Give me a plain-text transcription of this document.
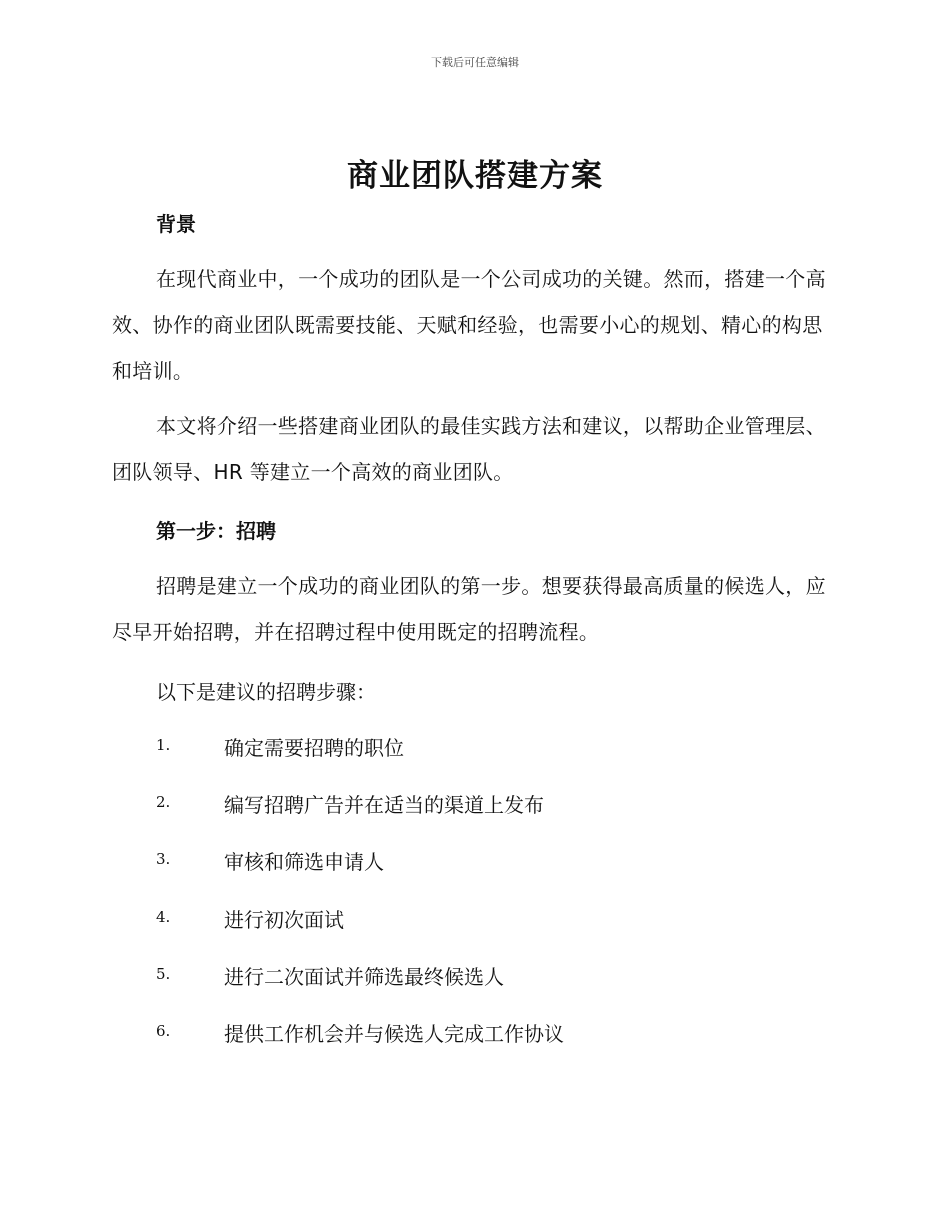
下载后可任意编辑
商业团队搭建方案
背景
在现代商业中，一个成功的团队是一个公司成功的关键。然而，搭建一个高效、协作的商业团队既需要技能、天赋和经验，也需要小心的规划、精心的构思和培训。
本文将介绍一些搭建商业团队的最佳实践方法和建议，以帮助企业管理层、团队领导、HR 等建立一个高效的商业团队。
第一步：招聘
招聘是建立一个成功的商业团队的第一步。想要获得最高质量的候选人，应尽早开始招聘，并在招聘过程中使用既定的招聘流程。
以下是建议的招聘步骤：
1.	确定需要招聘的职位
2.	编写招聘广告并在适当的渠道上发布
3.	审核和筛选申请人
4.	进行初次面试
5.	进行二次面试并筛选最终候选人
6.	提供工作机会并与候选人完成工作协议
